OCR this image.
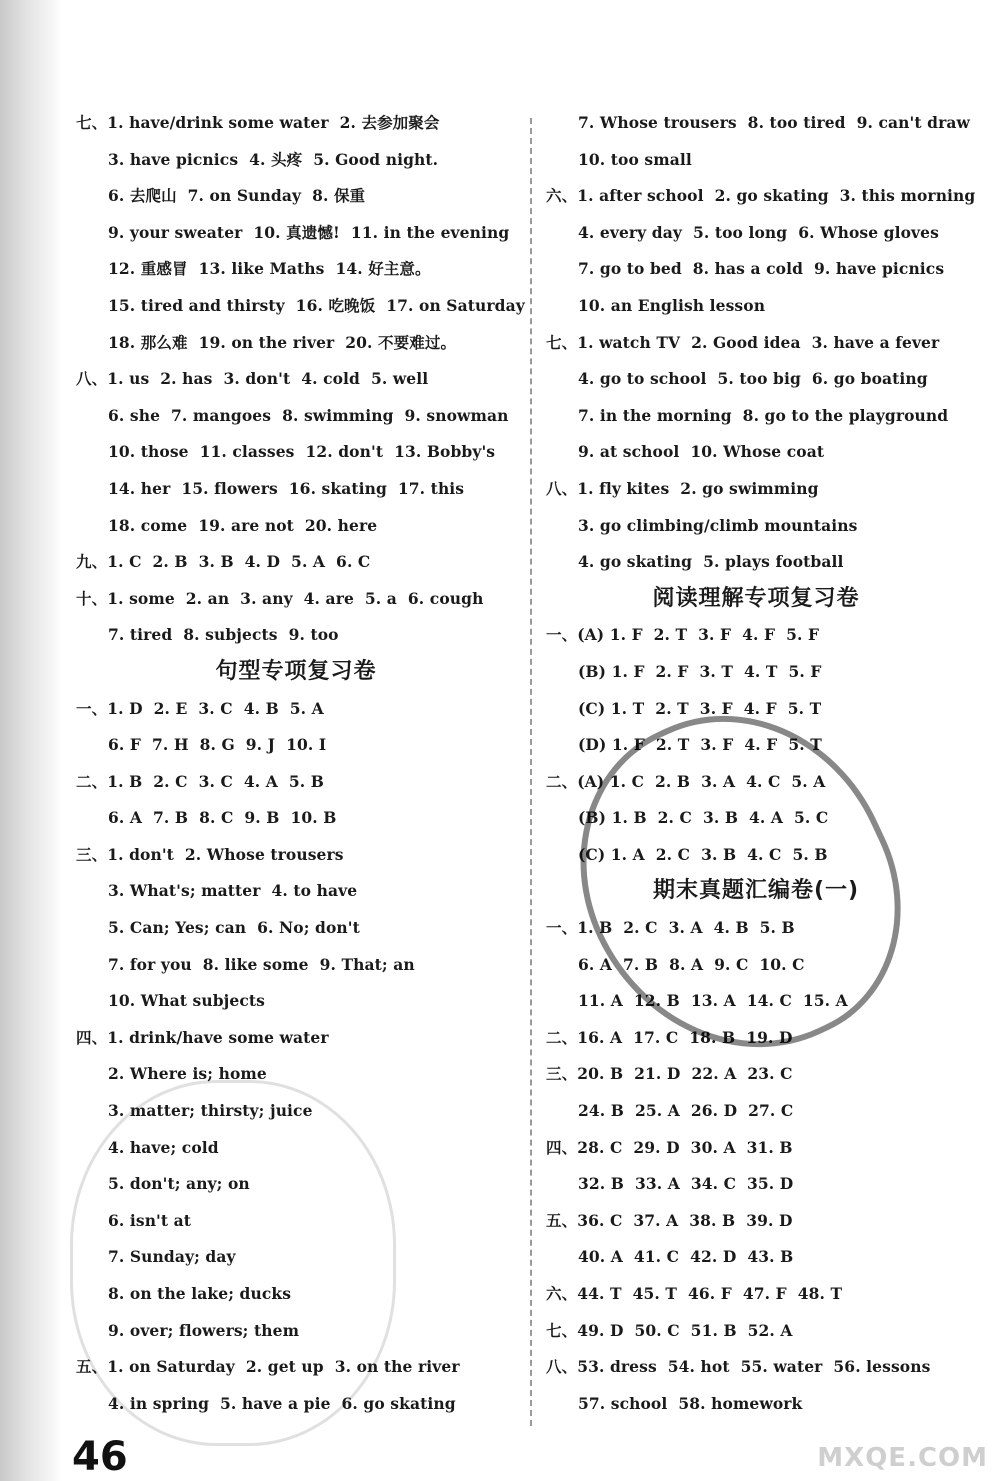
七、1. have/drink some water  2. 去参加聚会
3. have picnics  4. 头疼  5. Good night.
6. 去爬山  7. on Sunday  8. 保重
9. your sweater  10. 真遗憾!  11. in the evening
12. 重感冒  13. like Maths  14. 好主意。
15. tired and thirsty  16. 吃晚饭  17. on Saturday
18. 那么难  19. on the river  20. 不要难过。
八、1. us  2. has  3. don't  4. cold  5. well
6. she  7. mangoes  8. swimming  9. snowman
10. those  11. classes  12. don't  13. Bobby's
14. her  15. flowers  16. skating  17. this
18. come  19. are not  20. here
九、1. C  2. B  3. B  4. D  5. A  6. C
十、1. some  2. an  3. any  4. are  5. a  6. cough
7. tired  8. subjects  9. too
句型专项复习卷
一、1. D  2. E  3. C  4. B  5. A
6. F  7. H  8. G  9. J  10. I
二、1. B  2. C  3. C  4. A  5. B
6. A  7. B  8. C  9. B  10. B
三、1. don't  2. Whose trousers
3. What's; matter  4. to have
5. Can; Yes; can  6. No; don't
7. for you  8. like some  9. That; an
10. What subjects
四、1. drink/have some water
2. Where is; home
3. matter; thirsty; juice
4. have; cold
5. don't; any; on
6. isn't at
7. Sunday; day
8. on the lake; ducks
9. over; flowers; them
五、1. on Saturday  2. get up  3. on the river
4. in spring  5. have a pie  6. go skating
7. Whose trousers  8. too tired  9. can't draw
10. too small
六、1. after school  2. go skating  3. this morning
4. every day  5. too long  6. Whose gloves
7. go to bed  8. has a cold  9. have picnics
10. an English lesson
七、1. watch TV  2. Good idea  3. have a fever
4. go to school  5. too big  6. go boating
7. in the morning  8. go to the playground
9. at school  10. Whose coat
八、1. fly kites  2. go swimming
3. go climbing/climb mountains
4. go skating  5. plays football
阅读理解专项复习卷
一、(A) 1. F  2. T  3. F  4. F  5. F
(B) 1. F  2. F  3. T  4. T  5. F
(C) 1. T  2. T  3. F  4. F  5. T
(D) 1. F  2. T  3. F  4. F  5. T
二、(A) 1. C  2. B  3. A  4. C  5. A
(B) 1. B  2. C  3. B  4. A  5. C
(C) 1. A  2. C  3. B  4. C  5. B
期末真题汇编卷(一)
一、1. B  2. C  3. A  4. B  5. B
6. A  7. B  8. A  9. C  10. C
11. A  12. B  13. A  14. C  15. A
二、16. A  17. C  18. B  19. D
三、20. B  21. D  22. A  23. C
24. B  25. A  26. D  27. C
四、28. C  29. D  30. A  31. B
32. B  33. A  34. C  35. D
五、36. C  37. A  38. B  39. D
40. A  41. C  42. D  43. B
六、44. T  45. T  46. F  47. F  48. T
七、49. D  50. C  51. B  52. A
八、53. dress  54. hot  55. water  56. lessons
57. school  58. homework
46	MXQE.COM
